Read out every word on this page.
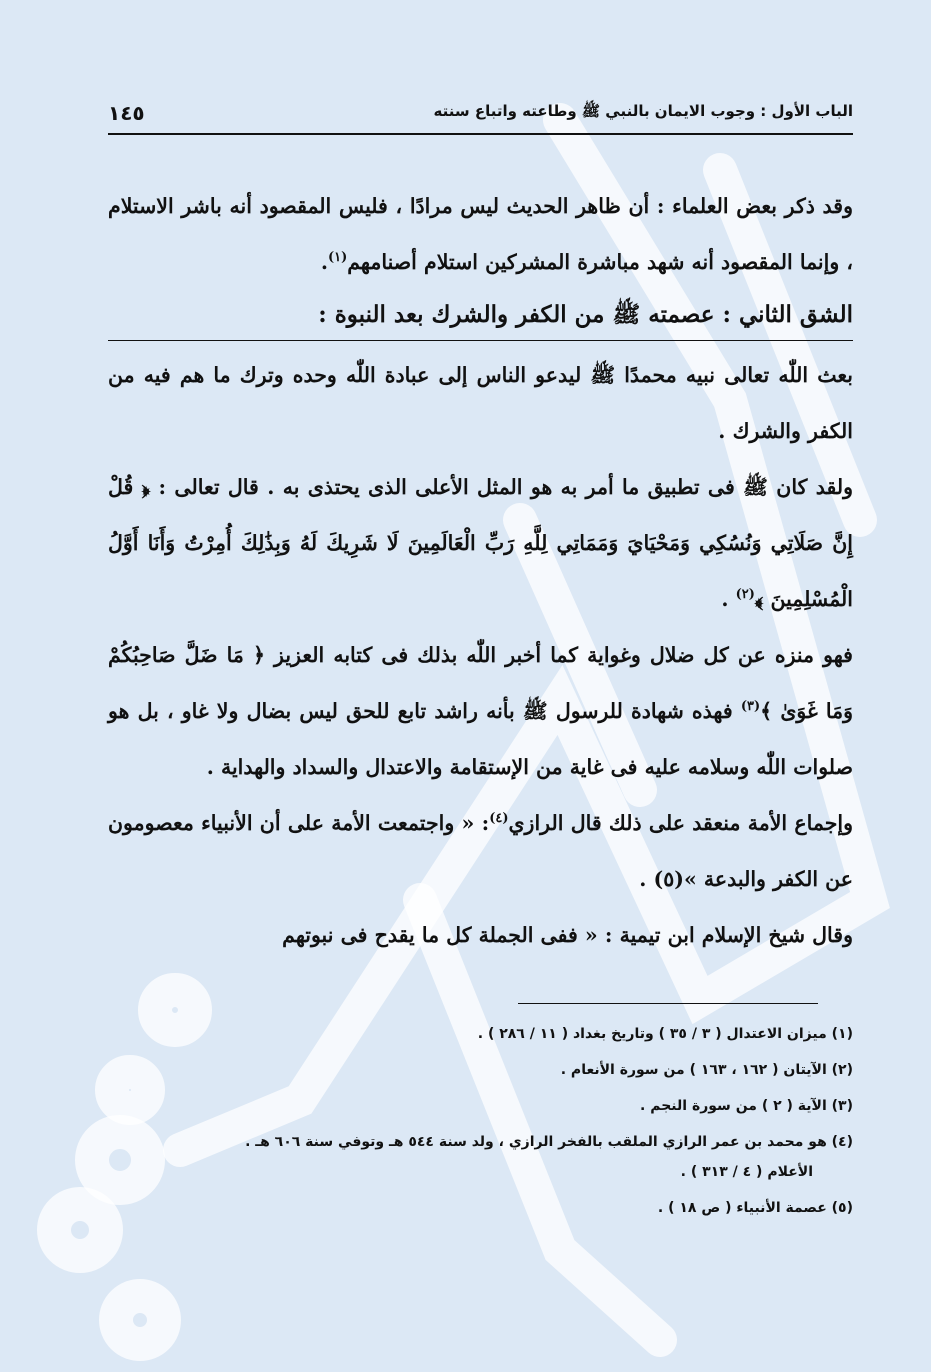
الباب الأول : وجوب الايمان بالنبي ﷺ وطاعته واتباع سنته
١٤٥

وقد ذكر بعض العلماء : أن ظاهر الحديث ليس مرادًا ، فليس المقصود أنه باشر الاستلام ، وإنما المقصود أنه شهد مباشرة المشركين استلام أصنامهم$^{(١)}$.

الشق الثاني : عصمته ﷺ من الكفر والشرك بعد النبوة :

بعث اللّٰه تعالى نبيه محمدًا ﷺ ليدعو الناس إلى عبادة اللّٰه وحده وترك ما هم فيه من الكفر والشرك .

ولقد كان ﷺ فى تطبيق ما أمر به هو المثل الأعلى الذى يحتذى به . قال تعالى : ﴿ قُلْ إِنَّ صَلَاتِي وَنُسُكِي وَمَحْيَايَ وَمَمَاتِي لِلَّهِ رَبِّ الْعَالَمِينَ لَا شَرِيكَ لَهُ وَبِذَٰلِكَ أُمِرْتُ وَأَنَا أَوَّلُ الْمُسْلِمِينَ ﴾$^{(٢)}$ .

فهو منزه عن كل ضلال وغواية كما أخبر اللّٰه بذلك فى كتابه العزيز ﴿ مَا ضَلَّ صَاحِبُكُمْ وَمَا غَوَىٰ ﴾$^{(٣)}$ فهذه شهادة للرسول ﷺ بأنه راشد تابع للحق ليس بضال ولا غاو ، بل هو صلوات اللّٰه وسلامه عليه فى غاية من الإستقامة والاعتدال والسداد والهداية .

وإجماع الأمة منعقد على ذلك قال الرازي$^{(٤)}$: « واجتمعت الأمة على أن الأنبياء معصومون عن الكفر والبدعة »(٥) .

وقال شيخ الإسلام ابن تيمية : « ففى الجملة كل ما يقدح فى نبوتهم

(١) ميزان الاعتدال ( ٣ / ٣٥ ) وتاريخ بغداد ( ١١ / ٢٨٦ ) .

(٢) الآيتان ( ١٦٢ ، ١٦٣ ) من سورة الأنعام .

(٣) الآية ( ٢ ) من سورة النجم .

(٤) هو محمد بن عمر الرازي الملقب بالفخر الرازي ، ولد سنة ٥٤٤ هـ وتوفي سنة ٦٠٦ هـ .

الأعلام ( ٤ / ٣١٣ ) .

(٥) عصمة الأنبياء ( ص ١٨ ) .
